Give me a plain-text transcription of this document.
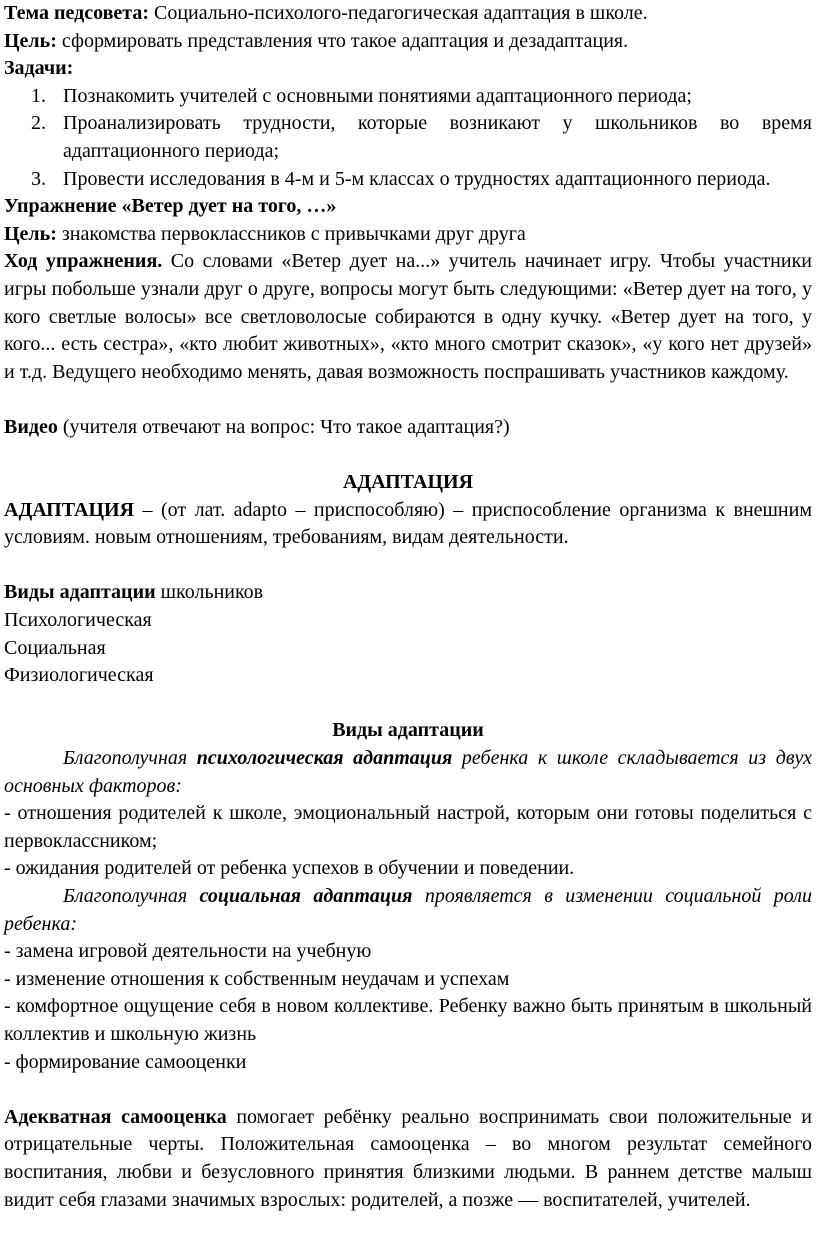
Тема педсовета: Социально-психолого-педагогическая адаптация в школе.

Цель: сформировать представления что такое адаптация и дезадаптация.

Задачи:

1. Познакомить учителей с основными понятиями адаптационного периода;
2. Проанализировать трудности, которые возникают у школьников во время адаптационного периода;
3. Провести исследования в 4-м и 5-м классах о трудностях адаптационного периода.

Упражнение «Ветер дует на того, …»

Цель: знакомства первоклассников с привычками друг друга

Ход упражнения. Со словами «Ветер дует на...» учитель начинает игру. Чтобы участники игры побольше узнали друг о друге, вопросы могут быть следующими: «Ветер дует на того, у кого светлые волосы» все светловолосые собираются в одну кучку. «Ветер дует на того, у кого... есть сестра», «кто любит животных», «кто много смотрит сказок», «у кого нет друзей» и т.д. Ведущего необходимо менять, давая возможность поспрашивать участников каждому.

Видео (учителя отвечают на вопрос: Что такое адаптация?)

АДАПТАЦИЯ

АДАПТАЦИЯ – (от лат. adapto – приспособляю) – приспособление организма к внешним условиям. новым отношениям, требованиям, видам деятельности.

Виды адаптации школьников

Психологическая

Социальная

Физиологическая

Виды адаптации

Благополучная психологическая адаптация ребенка к школе складывается из двух основных факторов:

- отношения родителей к школе, эмоциональный настрой, которым они готовы поделиться с первоклассником;

- ожидания родителей от ребенка успехов в обучении и поведении.

Благополучная социальная адаптация проявляется в изменении социальной роли ребенка:

- замена игровой деятельности на учебную

- изменение отношения к собственным неудачам и успехам

- комфортное ощущение себя в новом коллективе. Ребенку важно быть принятым в школьный коллектив и школьную жизнь

- формирование самооценки

Адекватная самооценка помогает ребёнку реально воспринимать свои положительные и отрицательные черты. Положительная самооценка – во многом результат семейного воспитания, любви и безусловного принятия близкими людьми. В раннем детстве малыш видит себя глазами значимых взрослых: родителей, а позже — воспитателей, учителей.
